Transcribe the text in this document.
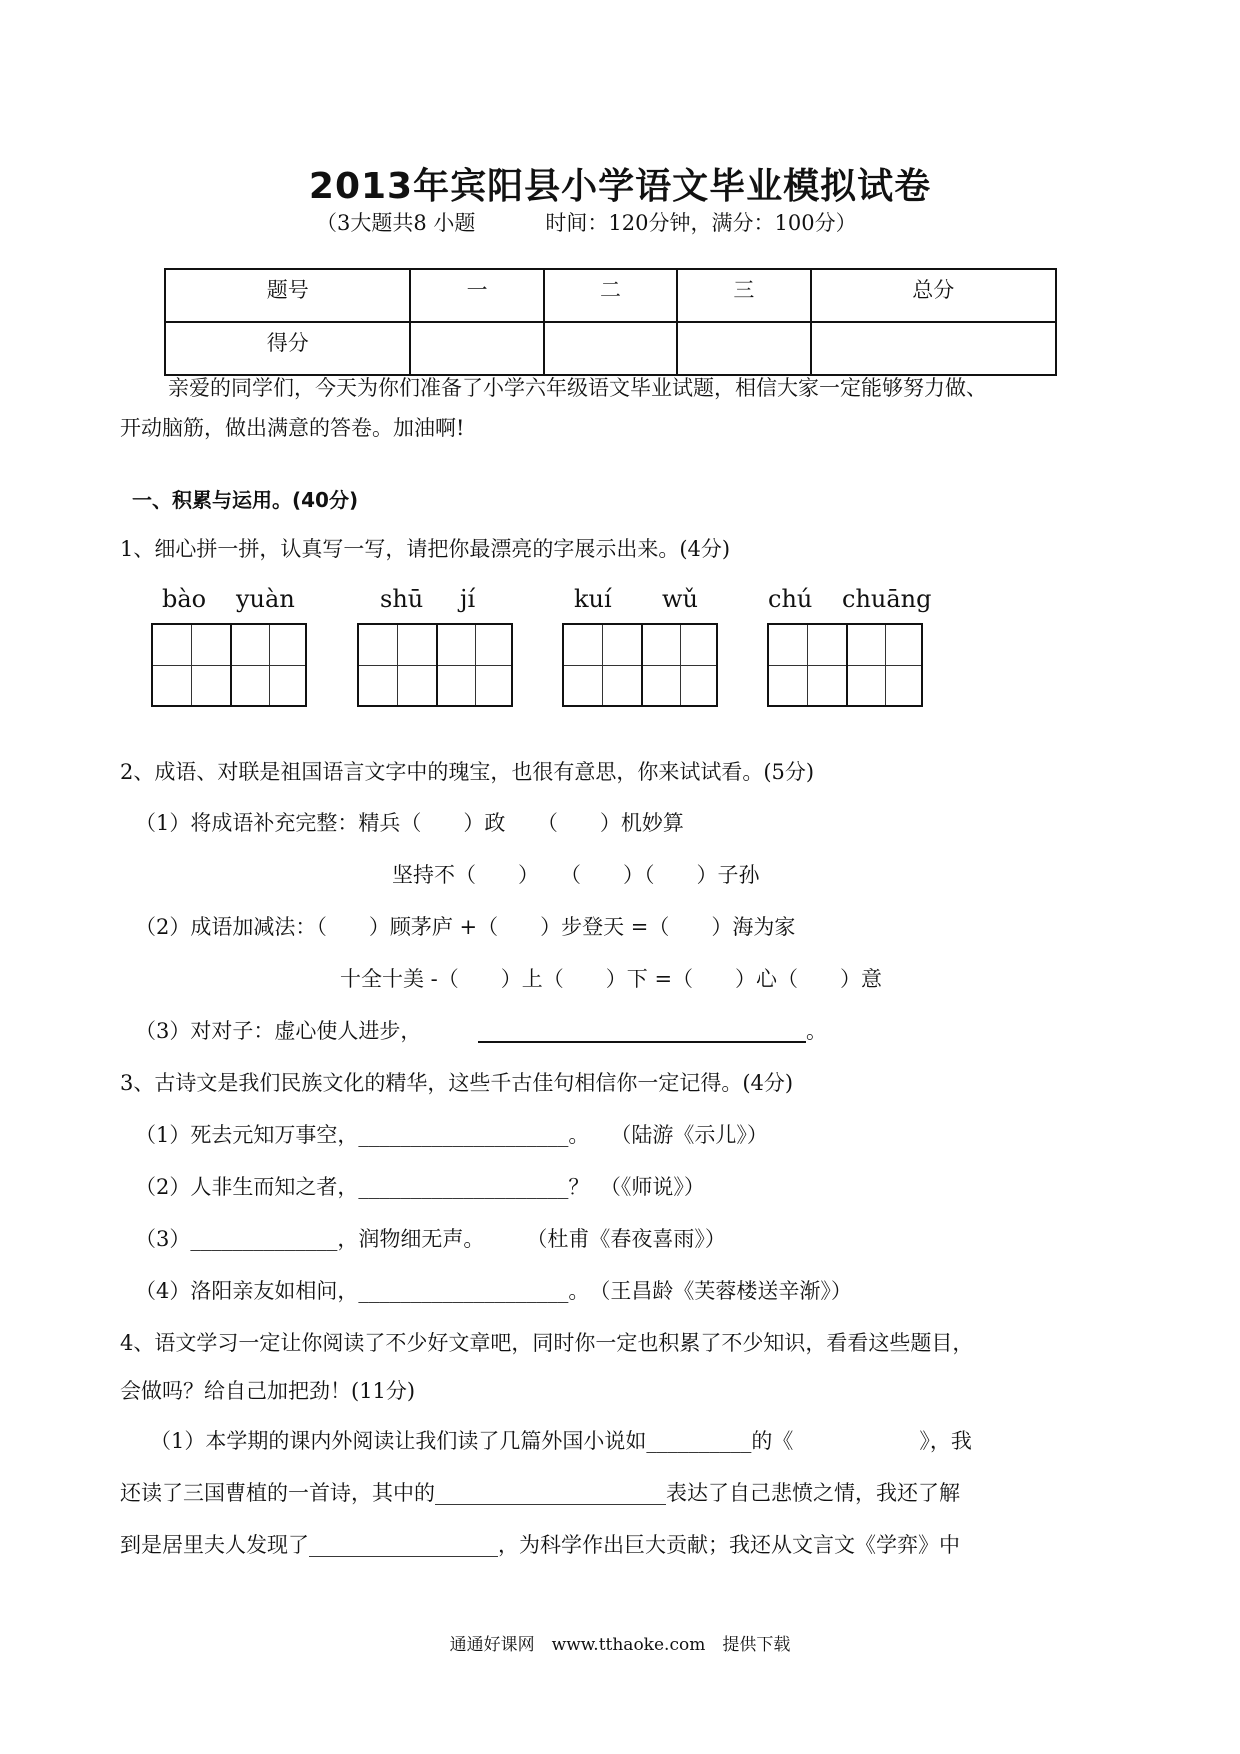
2013年宾阳县小学语文毕业模拟试卷
（3大题共8 小题	时间：120分钟，满分：100分）
题号	一	二	三	总分
得分				
亲爱的同学们，今天为你们准备了小学六年级语文毕业试题，相信大家一定能够努力做、
开动脑筋，做出满意的答卷。加油啊!
一、积累与运用。(40分)
1、细心拼一拼，认真写一写，请把你最漂亮的字展示出来。(4分)
bào yuàn	shū jí	kuí wǔ	chú chuāng
2、成语、对联是祖国语言文字中的瑰宝，也很有意思，你来试试看。(5分)
（1）将成语补充完整：精兵（　　）政　　（　　）机妙算
坚持不（　　）　　（　　）（　　）子孙
（2）成语加减法：（　　）顾茅庐 +（　　）步登天 =（　　）海为家
十全十美 -（　　）上（　　）下 =（　　）心（　　）意
（3）对对子：虚心使人进步，	。
3、古诗文是我们民族文化的精华，这些千古佳句相信你一定记得。(4分)
（1）死去元知万事空，____________________。　　（陆游《示儿》）
（2）人非生而知之者，____________________？　（《师说》）
（3）______________，润物细无声。　　　（杜甫《春夜喜雨》）
（4）洛阳亲友如相问，____________________。　（王昌龄《芙蓉楼送辛渐》）
4、语文学习一定让你阅读了不少好文章吧，同时你一定也积累了不少知识，看看这些题目，
会做吗？给自己加把劲！(11分)
（1）本学期的课内外阅读让我们读了几篇外国小说如__________的《　　　　　　》，我
还读了三国曹植的一首诗，其中的______________________表达了自己悲愤之情，我还了解
到是居里夫人发现了__________________，为科学作出巨大贡献；我还从文言文《学弈》中
通通好课网　www.tthaoke.com　提供下载
